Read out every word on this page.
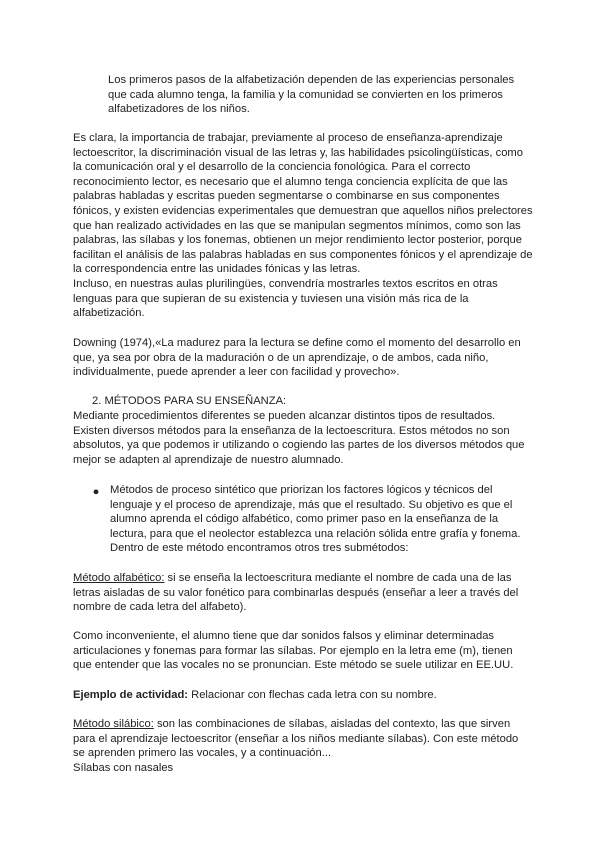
Los primeros pasos de la alfabetización dependen de las experiencias personales que cada alumno tenga, la familia y la comunidad se convierten en los primeros alfabetizadores de los niños.

Es clara, la importancia de trabajar, previamente al proceso de enseñanza-aprendizaje lectoescritor, la discriminación visual de las letras y, las habilidades psicolingüísticas, como la comunicación oral y el desarrollo de la conciencia fonológica. Para el correcto reconocimiento lector, es necesario que el alumno tenga conciencia explícita de que las palabras habladas y escritas pueden segmentarse o combinarse en sus componentes fónicos, y existen evidencias experimentales que demuestran que aquellos niños prelectores que han realizado actividades en las que se manipulan segmentos mínimos, como son las palabras, las sílabas y los fonemas, obtienen un mejor rendimiento lector posterior, porque facilitan el análisis de las palabras habladas en sus componentes fónicos y el aprendizaje de la correspondencia entre las unidades fónicas y las letras.

Incluso, en nuestras aulas plurilingües, convendría mostrarles textos escritos en otras lenguas para que supieran de su existencia y tuviesen una visión más rica de la alfabetización.

Downing (1974),«La madurez para la lectura se define como el momento del desarrollo en que, ya sea por obra de la maduración o de un aprendizaje, o de ambos, cada niño, individualmente, puede aprender a leer con facilidad y provecho».

2. MÉTODOS PARA SU ENSEÑANZA:

Mediante procedimientos diferentes se pueden alcanzar distintos tipos de resultados. Existen diversos métodos para la enseñanza de la lectoescritura. Estos métodos no son absolutos, ya que podemos ir utilizando o cogiendo las partes de los diversos métodos que mejor se adapten al aprendizaje de nuestro alumnado.

● Métodos de proceso sintético que priorizan los factores lógicos y técnicos del lenguaje y el proceso de aprendizaje, más que el resultado. Su objetivo es que el alumno aprenda el código alfabético, como primer paso en la enseñanza de la lectura, para que el neolector establezca una relación sólida entre grafía y fonema. Dentro de este método encontramos otros tres submétodos:

Método alfabético: si se enseña la lectoescritura mediante el nombre de cada una de las letras aisladas de su valor fonético para combinarlas después (enseñar a leer a través del nombre de cada letra del alfabeto).

Como inconveniente, el alumno tiene que dar sonidos falsos y eliminar determinadas articulaciones y fonemas para formar las sílabas. Por ejemplo en la letra eme (m), tienen que entender que las vocales no se pronuncian. Este método se suele utilizar en EE.UU.

Ejemplo de actividad: Relacionar con flechas cada letra con su nombre.

Método silábico: son las combinaciones de sílabas, aisladas del contexto, las que sirven para el aprendizaje lectoescritor (enseñar a los niños mediante sílabas). Con este método se aprenden primero las vocales, y a continuación...

Sílabas con nasales
